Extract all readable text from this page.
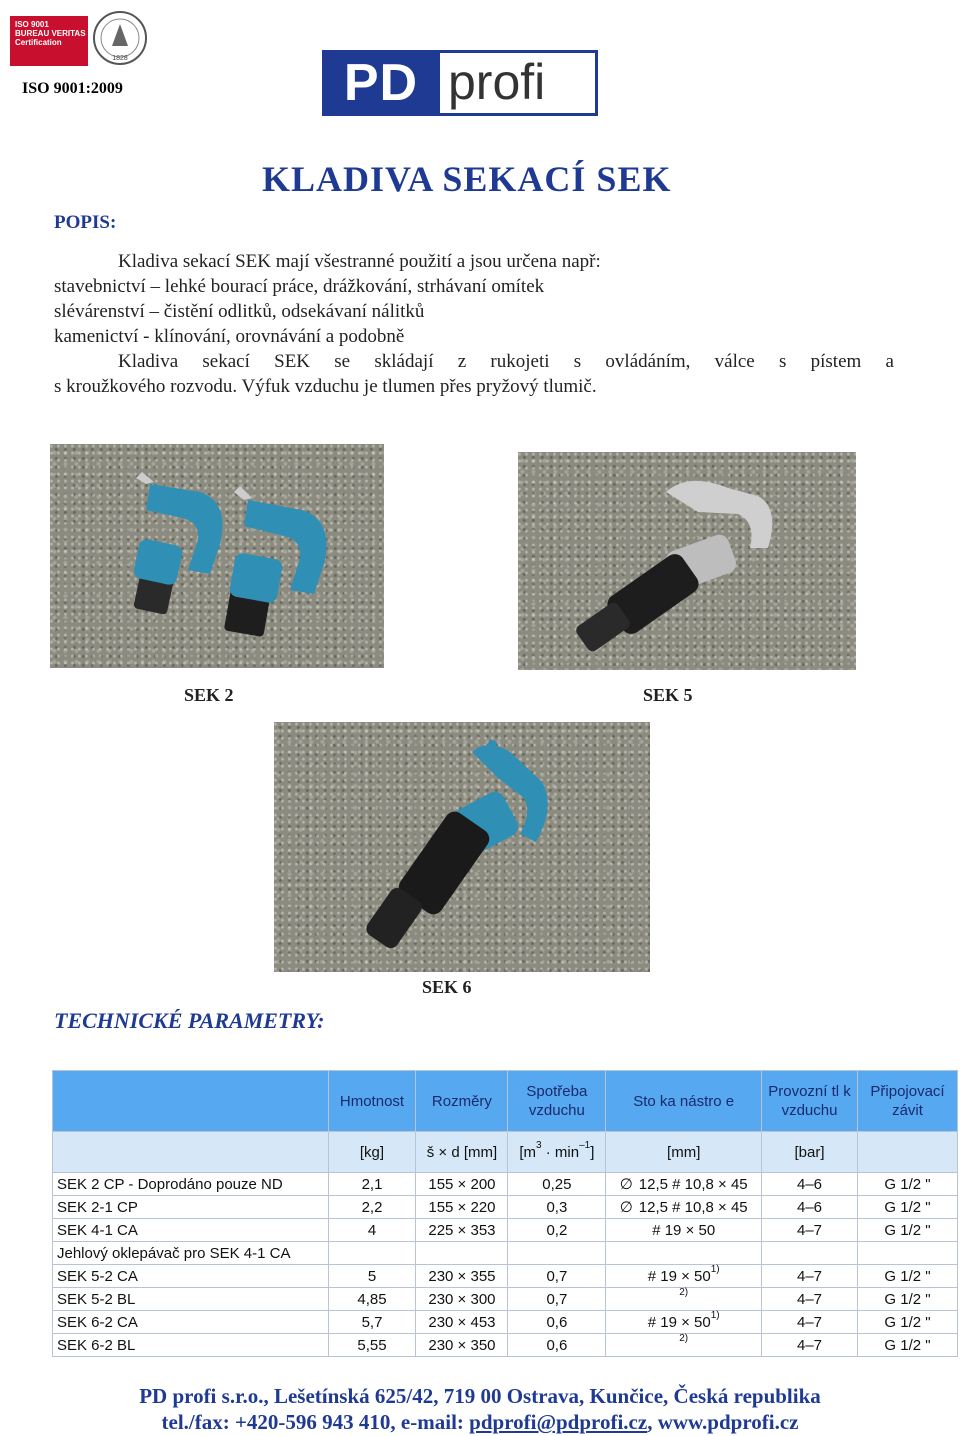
ISO 9001
BUREAU VERITAS
Certification
1828
ISO 9001:2009	PD profi
KLADIVA SEKACÍ SEK
POPIS:
Kladiva sekací SEK mají všestranné použití a jsou určena např:
stavebnictví – lehké bourací práce, drážkování, strhávaní omítek
slévárenství – čistění odlitků, odsekávaní nálitků
kamenictví - klínování, orovnávání a podobně
Kladiva sekací SEK se skládají z rukojeti s ovládáním, válce s pístem a
s kroužkového rozvodu. Výfuk vzduchu je tlumen přes pryžový tlumič.
SEK 2	SEK 5
SEK 6
TECHNICKÉ PARAMETRY:
	Hmotnost	Rozměry	Spotřeba vzduchu	Sto ka nástro e	Provozní tl k vzduchu	Připojovací závit
	[kg]	š × d [mm]	$[m^3 \cdot \min^{-1}]$	[mm]	[bar]	
SEK 2 CP - Doprodáno pouze ND	2,1	155 × 200	0,25	∅ 12,5 # 10,8 × 45	4–6	G 1/2 "
SEK 2-1 CP	2,2	155 × 220	0,3	∅ 12,5 # 10,8 × 45	4–6	G 1/2 "
SEK 4-1 CA	4	225 × 353	0,2	# 19 × 50	4–7	G 1/2 "
Jehlový oklepávač pro SEK 4-1 CA						
SEK 5-2 CA	5	230 × 355	0,7	# $19 \times 50^{1)}$	4–7	G 1/2 "
SEK 5-2 BL	4,85	230 × 300	0,7	$^{2)}$	4–7	G 1/2 "
SEK 6-2 CA	5,7	230 × 453	0,6	# $19 \times 50^{1)}$	4–7	G 1/2 "
SEK 6-2 BL	5,55	230 × 350	0,6	$^{2)}$	4–7	G 1/2 "
PD profi s.r.o., Lešetínská 625/42, 719 00 Ostrava, Kunčice, Česká republika
tel./fax: +420-596 943 410, e-mail: pdprofi@pdprofi.cz, www.pdprofi.cz
